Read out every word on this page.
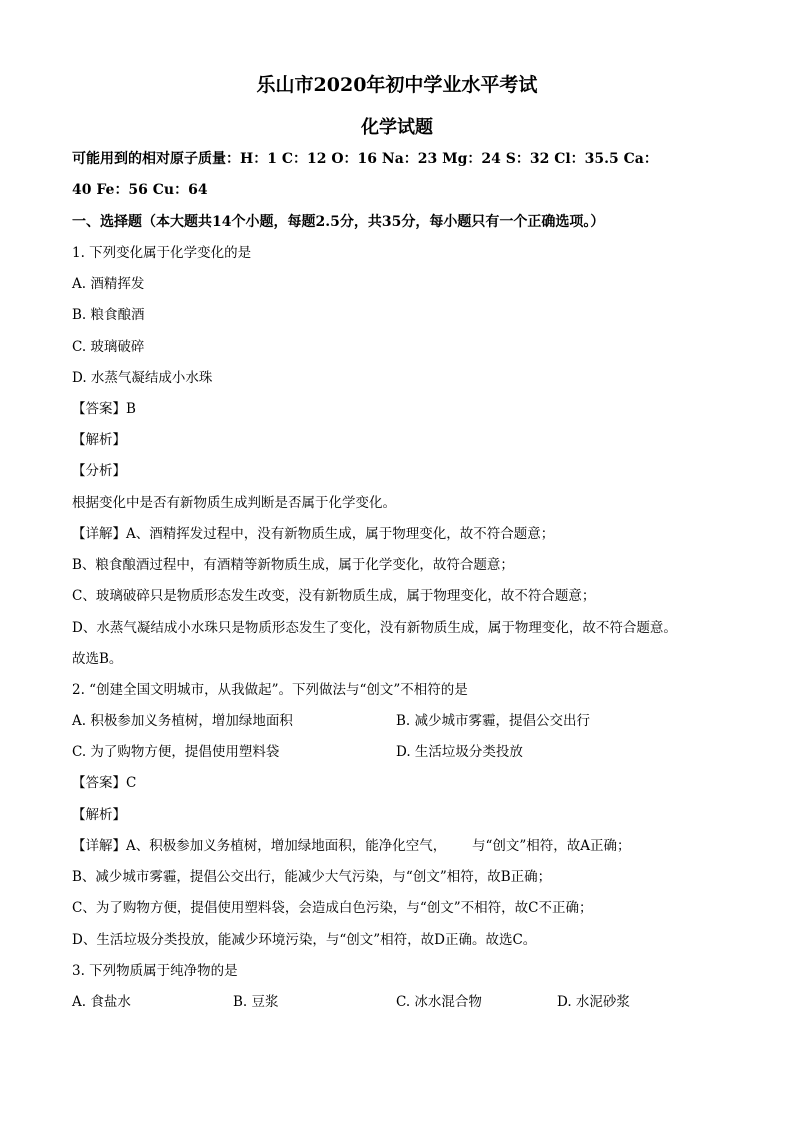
乐山市2020年初中学业水平考试
化学试题
可能用到的相对原子质量：H：1 C：12 O：16 Na：23 Mg：24 S：32 Cl：35.5 Ca：
40 Fe：56 Cu：64
一、选择题（本大题共14个小题，每题2.5分，共35分，每小题只有一个正确选项。）
1. 下列变化属于化学变化的是
A. 酒精挥发
B. 粮食酿酒
C. 玻璃破碎
D. 水蒸气凝结成小水珠
【答案】B
【解析】
【分析】
根据变化中是否有新物质生成判断是否属于化学变化。
【详解】A、酒精挥发过程中，没有新物质生成，属于物理变化，故不符合题意；
B、粮食酿酒过程中，有酒精等新物质生成，属于化学变化，故符合题意；
C、玻璃破碎只是物质形态发生改变，没有新物质生成，属于物理变化，故不符合题意；
D、水蒸气凝结成小水珠只是物质形态发生了变化，没有新物质生成，属于物理变化，故不符合题意。
故选B。
2. “创建全国文明城市，从我做起”。下列做法与“创文”不相符的是
A. 积极参加义务植树，增加绿地面积	B. 减少城市雾霾，提倡公交出行
C. 为了购物方便，提倡使用塑料袋	D. 生活垃圾分类投放
【答案】C
【解析】
【详解】A、积极参加义务植树，增加绿地面积，能净化空气，      与“创文”相符，故A正确；
B、减少城市雾霾，提倡公交出行，能减少大气污染，与“创文”相符，故B正确；
C、为了购物方便，提倡使用塑料袋，会造成白色污染，与“创文”不相符，故C不正确；
D、生活垃圾分类投放，能减少环境污染，与“创文”相符，故D正确。故选C。
3. 下列物质属于纯净物的是
A. 食盐水	B. 豆浆	C. 冰水混合物	D. 水泥砂浆
